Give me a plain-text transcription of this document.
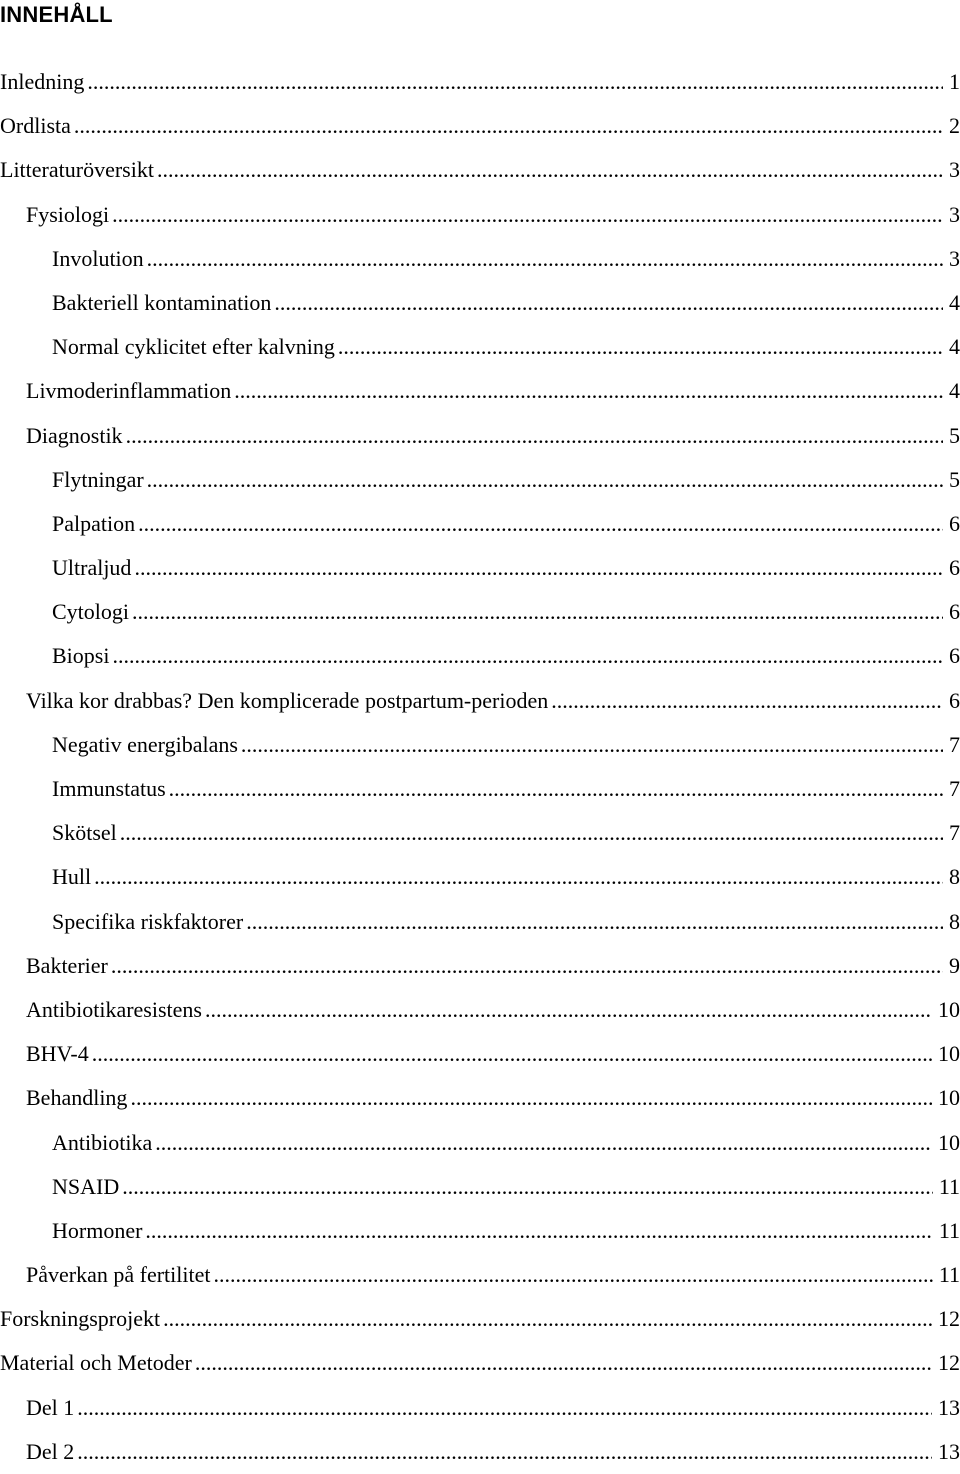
INNEHÅLL
Inledning .....	1
Ordlista .....	2
Litteraturöversikt .....	3
Fysiologi .....	3
Involution .....	3
Bakteriell kontamination .....	4
Normal cyklicitet efter kalvning .....	4
Livmoderinflammation .....	4
Diagnostik .....	5
Flytningar .....	5
Palpation .....	6
Ultraljud .....	6
Cytologi .....	6
Biopsi .....	6
Vilka kor drabbas? Den komplicerade postpartum-perioden .....	6
Negativ energibalans .....	7
Immunstatus .....	7
Skötsel .....	7
Hull .....	8
Specifika riskfaktorer .....	8
Bakterier .....	9
Antibiotikaresistens .....	10
BHV-4 .....	10
Behandling .....	10
Antibiotika .....	10
NSAID .....	11
Hormoner .....	11
Påverkan på fertilitet .....	11
Forskningsprojekt .....	12
Material och Metoder .....	12
Del 1 .....	13
Del 2 .....	13
